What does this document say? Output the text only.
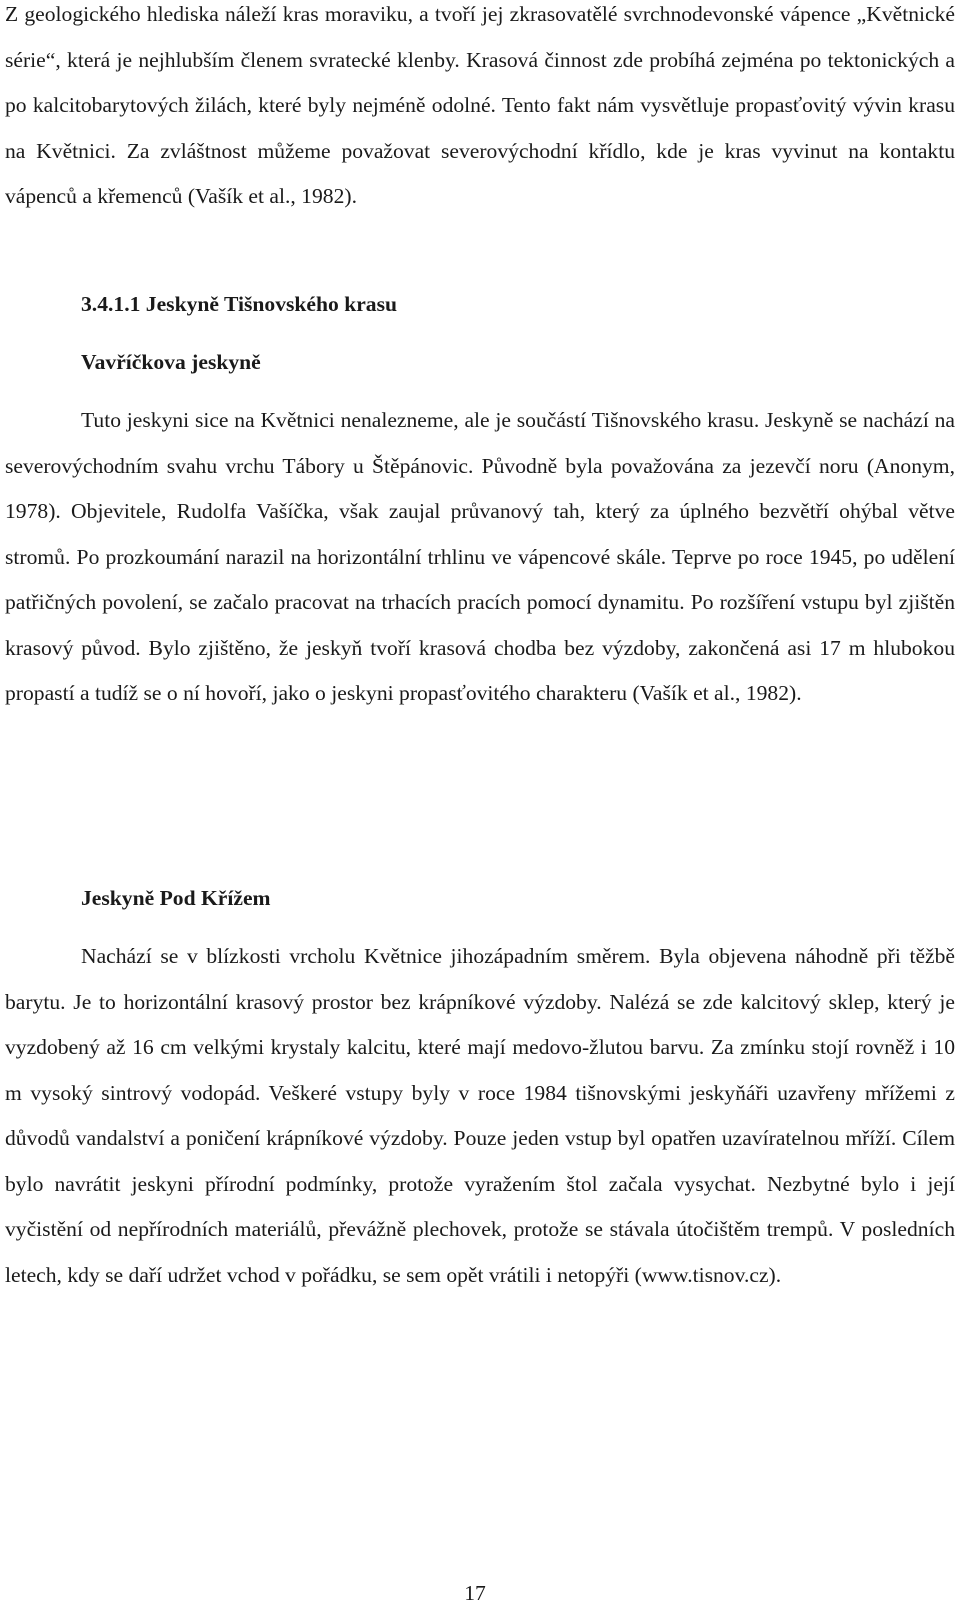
Z geologického hlediska náleží kras moraviku, a tvoří jej zkrasovatělé svrchnodevonské vápence „Květnické série“, která je nejhlubším členem svratecké klenby. Krasová činnost zde probíhá zejména po tektonických a po kalcitobarytových žilách, které byly nejméně odolné. Tento fakt nám vysvětluje propasťovitý vývin krasu na Květnici. Za zvláštnost můžeme považovat severovýchodní křídlo, kde je kras vyvinut na kontaktu vápenců a křemenců (Vašík et al., 1982).

3.4.1.1 Jeskyně Tišnovského krasu
Vavříčkova jeskyně

Tuto jeskyni sice na Květnici nenalezneme, ale je součástí Tišnovského krasu. Jeskyně se nachází na severovýchodním svahu vrchu Tábory u Štěpánovic. Původně byla považována za jezevčí noru (Anonym, 1978). Objevitele, Rudolfa Vašíčka, však zaujal průvanový tah, který za úplného bezvětří ohýbal větve stromů. Po prozkoumání narazil na horizontální trhlinu ve vápencové skále. Teprve po roce 1945, po udělení patřičných povolení, se začalo pracovat na trhacích pracích pomocí dynamitu. Po rozšíření vstupu byl zjištěn krasový původ. Bylo zjištěno, že jeskyň tvoří krasová chodba bez výzdoby, zakončená asi 17 m hlubokou propastí a tudíž se o ní hovoří, jako o jeskyni propasťovitého charakteru (Vašík et al., 1982).

Jeskyně Pod Křížem

Nachází se v blízkosti vrcholu Květnice jihozápadním směrem. Byla objevena náhodně při těžbě barytu. Je to horizontální krasový prostor bez krápníkové výzdoby. Nalézá se zde kalcitový sklep, který je vyzdobený až 16 cm velkými krystaly kalcitu, které mají medovo-žlutou barvu. Za zmínku stojí rovněž i 10 m vysoký sintrový vodopád. Veškeré vstupy byly v roce 1984 tišnovskými jeskyňáři uzavřeny mřížemi z důvodů vandalství a poničení krápníkové výzdoby. Pouze jeden vstup byl opatřen uzavíratelnou mříží. Cílem bylo navrátit jeskyni přírodní podmínky, protože vyražením štol začala vysychat. Nezbytné bylo i její vyčistění od nepřírodních materiálů, převážně plechovek, protože se stávala útočištěm trempů. V posledních letech, kdy se daří udržet vchod v pořádku, se sem opět vrátili i netopýři (www.tisnov.cz).

17
